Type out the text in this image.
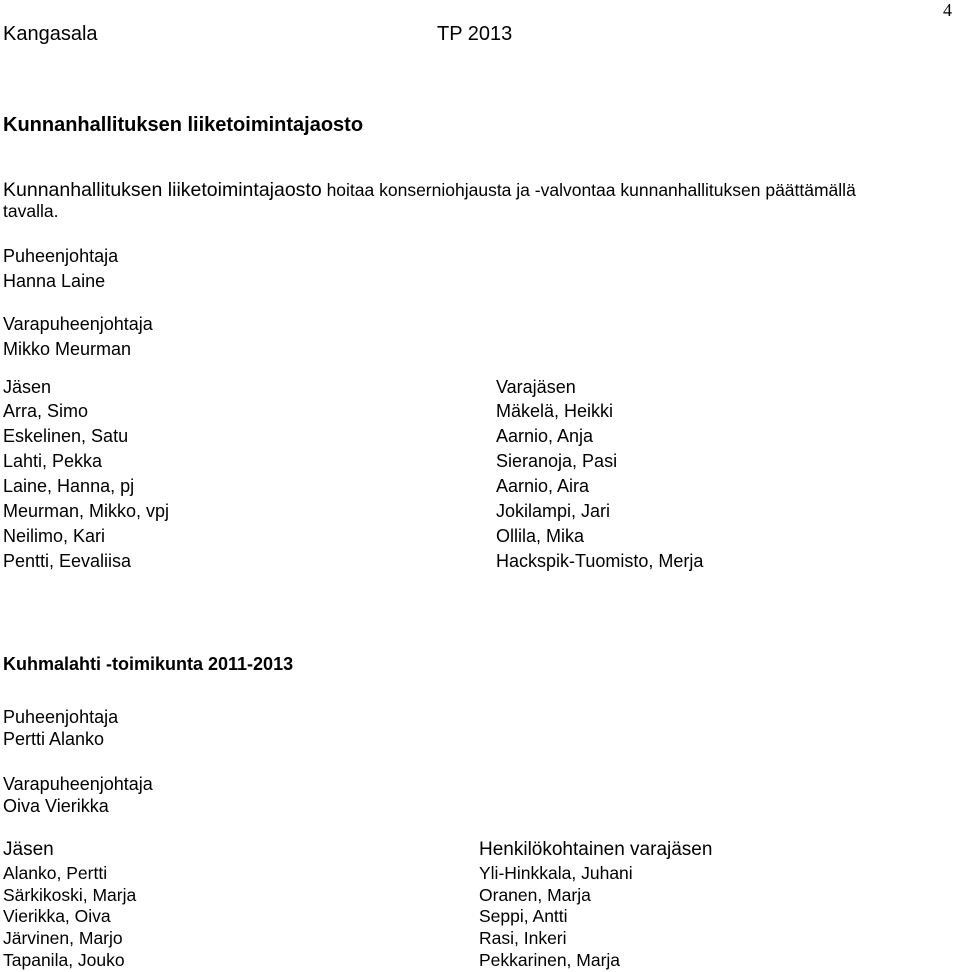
Kangasala	TP 2013
4
Kunnanhallituksen liiketoimintajaosto
Kunnanhallituksen liiketoimintajaosto hoitaa konserniohjausta ja -valvontaa kunnanhallituksen päättämällä
tavalla.
Puheenjohtaja
Hanna Laine
Varapuheenjohtaja
Mikko Meurman
Jäsen
Arra, Simo
Eskelinen, Satu
Lahti, Pekka
Laine, Hanna, pj
Meurman, Mikko, vpj
Neilimo, Kari
Pentti, Eevaliisa
Varajäsen
Mäkelä, Heikki
Aarnio, Anja
Sieranoja, Pasi
Aarnio, Aira
Jokilampi, Jari
Ollila, Mika
Hackspik-Tuomisto, Merja
Kuhmalahti -toimikunta 2011-2013
Puheenjohtaja
Pertti Alanko
Varapuheenjohtaja
Oiva Vierikka
Jäsen
Alanko, Pertti
Särkikoski, Marja
Vierikka, Oiva
Järvinen, Marjo
Tapanila, Jouko
Henkilökohtainen varajäsen
Yli-Hinkkala, Juhani
Oranen, Marja
Seppi, Antti
Rasi, Inkeri
Pekkarinen, Marja
